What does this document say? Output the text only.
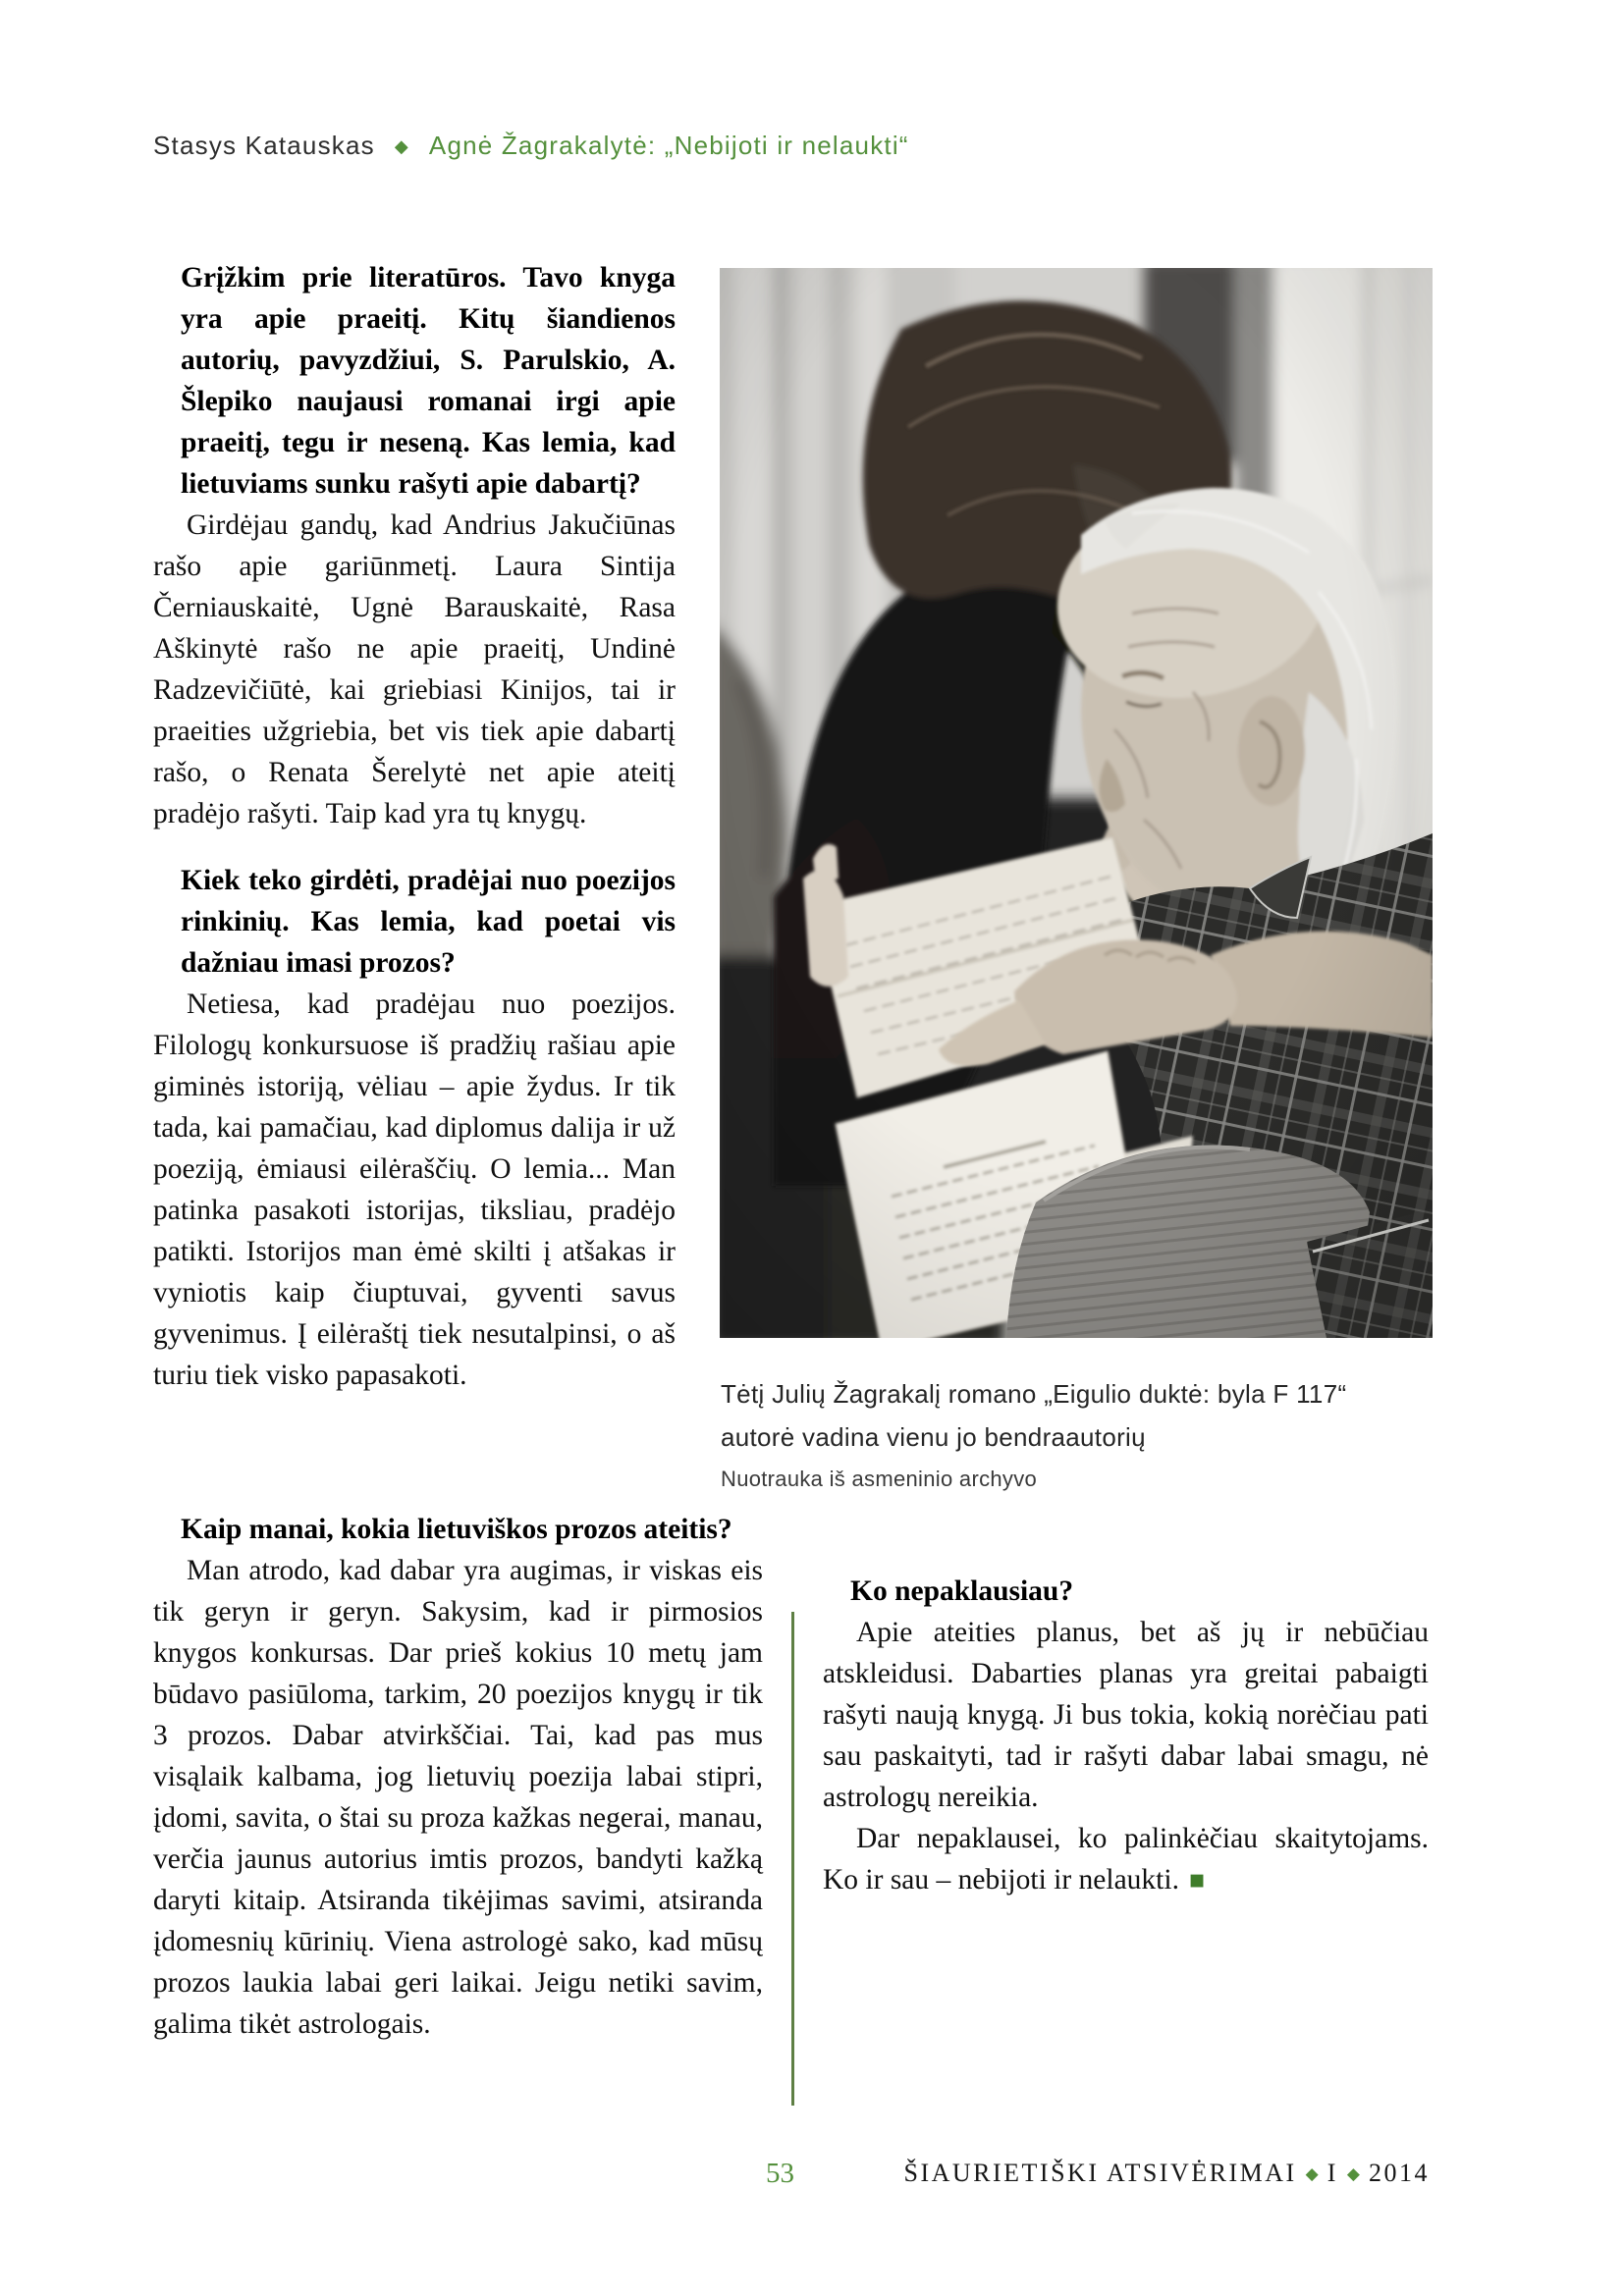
Stasys Katauskas ◆ Agnė Žagrakalytė: „Nebijoti ir nelaukti“

Grįžkim prie literatūros. Tavo knyga yra apie praeitį. Kitų šiandienos autorių, pavyzdžiui, S. Parulskio, A. Šlepiko naujausi romanai irgi apie praeitį, tegu ir neseną. Kas lemia, kad lietuviams sunku rašyti apie dabartį?

Girdėjau gandų, kad Andrius Jakučiūnas rašo apie gariūnmetį. Laura Sintija Černiauskaitė, Ugnė Barauskaitė, Rasa Aškinytė rašo ne apie praeitį, Undinė Radzevičiūtė, kai griebiasi Kinijos, tai ir praeities užgriebia, bet vis tiek apie dabartį rašo, o Renata Šerelytė net apie ateitį pradėjo rašyti. Taip kad yra tų knygų.

Kiek teko girdėti, pradėjai nuo poezijos rinkinių. Kas lemia, kad poetai vis dažniau imasi prozos?

Netiesa, kad pradėjau nuo poezijos. Filologų konkursuose iš pradžių rašiau apie giminės istoriją, vėliau – apie žydus. Ir tik tada, kai pamačiau, kad diplomus dalija ir už poeziją, ėmiausi eilėraščių. O lemia... Man patinka pasakoti istorijas, tiksliau, pradėjo patikti. Istorijos man ėmė skilti į atšakas ir vyniotis kaip čiuptuvai, gyventi savus gyvenimus. Į eilėraštį tiek nesutalpinsi, o aš turiu tiek visko papasakoti.

Tėtį Julių Žagrakalį romano „Eigulio duktė: byla F 117“
autorė vadina vienu jo bendraautorių
Nuotrauka iš asmeninio archyvo

Kaip manai, kokia lietuviškos prozos ateitis?

Man atrodo, kad dabar yra augimas, ir viskas eis tik geryn ir geryn. Sakysim, kad ir pirmosios knygos konkursas. Dar prieš kokius 10 metų jam būdavo pasiūloma, tarkim, 20 poezijos knygų ir tik 3 prozos. Dabar atvirkščiai. Tai, kad pas mus visąlaik kalbama, jog lietuvių poezija labai stipri, įdomi, savita, o štai su proza kažkas negerai, manau, verčia jaunus autorius imtis prozos, bandyti kažką daryti kitaip. Atsiranda tikėjimas savimi, atsiranda įdomesnių kūrinių. Viena astrologė sako, kad mūsų prozos laukia labai geri laikai. Jeigu netiki savim, galima tikėt astrologais.

Ko nepaklausiau?

Apie ateities planus, bet aš jų ir nebūčiau atskleidusi. Dabarties planas yra greitai pabaigti rašyti naują knygą. Ji bus tokia, kokią norėčiau pati sau paskaityti, tad ir rašyti dabar labai smagu, nė astrologų nereikia.

Dar nepaklausei, ko palinkėčiau skaitytojams. Ko ir sau – nebijoti ir nelaukti. ■

53	ŠIAURIETIŠKI ATSIVĖRIMAI ◆ I ◆ 2014
